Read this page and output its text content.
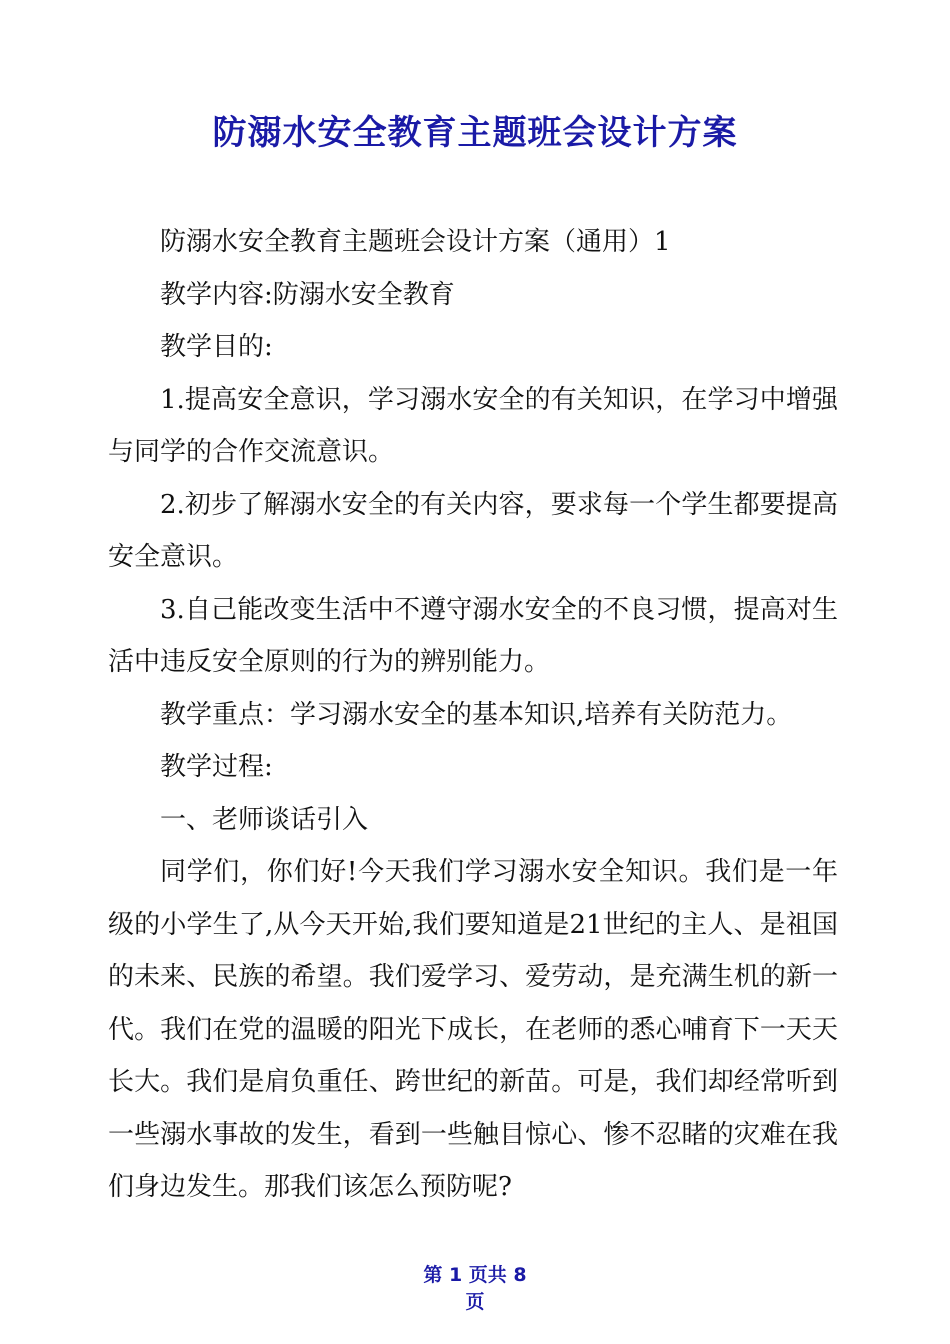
防溺水安全教育主题班会设计方案

防溺水安全教育主题班会设计方案（通用）1

教学内容:防溺水安全教育

教学目的:

1.提高安全意识，学习溺水安全的有关知识，在学习中增强与同学的合作交流意识。

2.初步了解溺水安全的有关内容，要求每一个学生都要提高安全意识。

3.自己能改变生活中不遵守溺水安全的不良习惯，提高对生活中违反安全原则的行为的辨别能力。

教学重点：学习溺水安全的基本知识,培养有关防范力。

教学过程:

一、老师谈话引入

同学们，你们好!今天我们学习溺水安全知识。我们是一年级的小学生了,从今天开始,我们要知道是21世纪的主人、是祖国的未来、民族的希望。我们爱学习、爱劳动，是充满生机的新一代。我们在党的温暖的阳光下成长，在老师的悉心哺育下一天天长大。我们是肩负重任、跨世纪的新苗。可是，我们却经常听到一些溺水事故的发生，看到一些触目惊心、惨不忍睹的灾难在我们身边发生。那我们该怎么预防呢?

第 1 页共 8
页
